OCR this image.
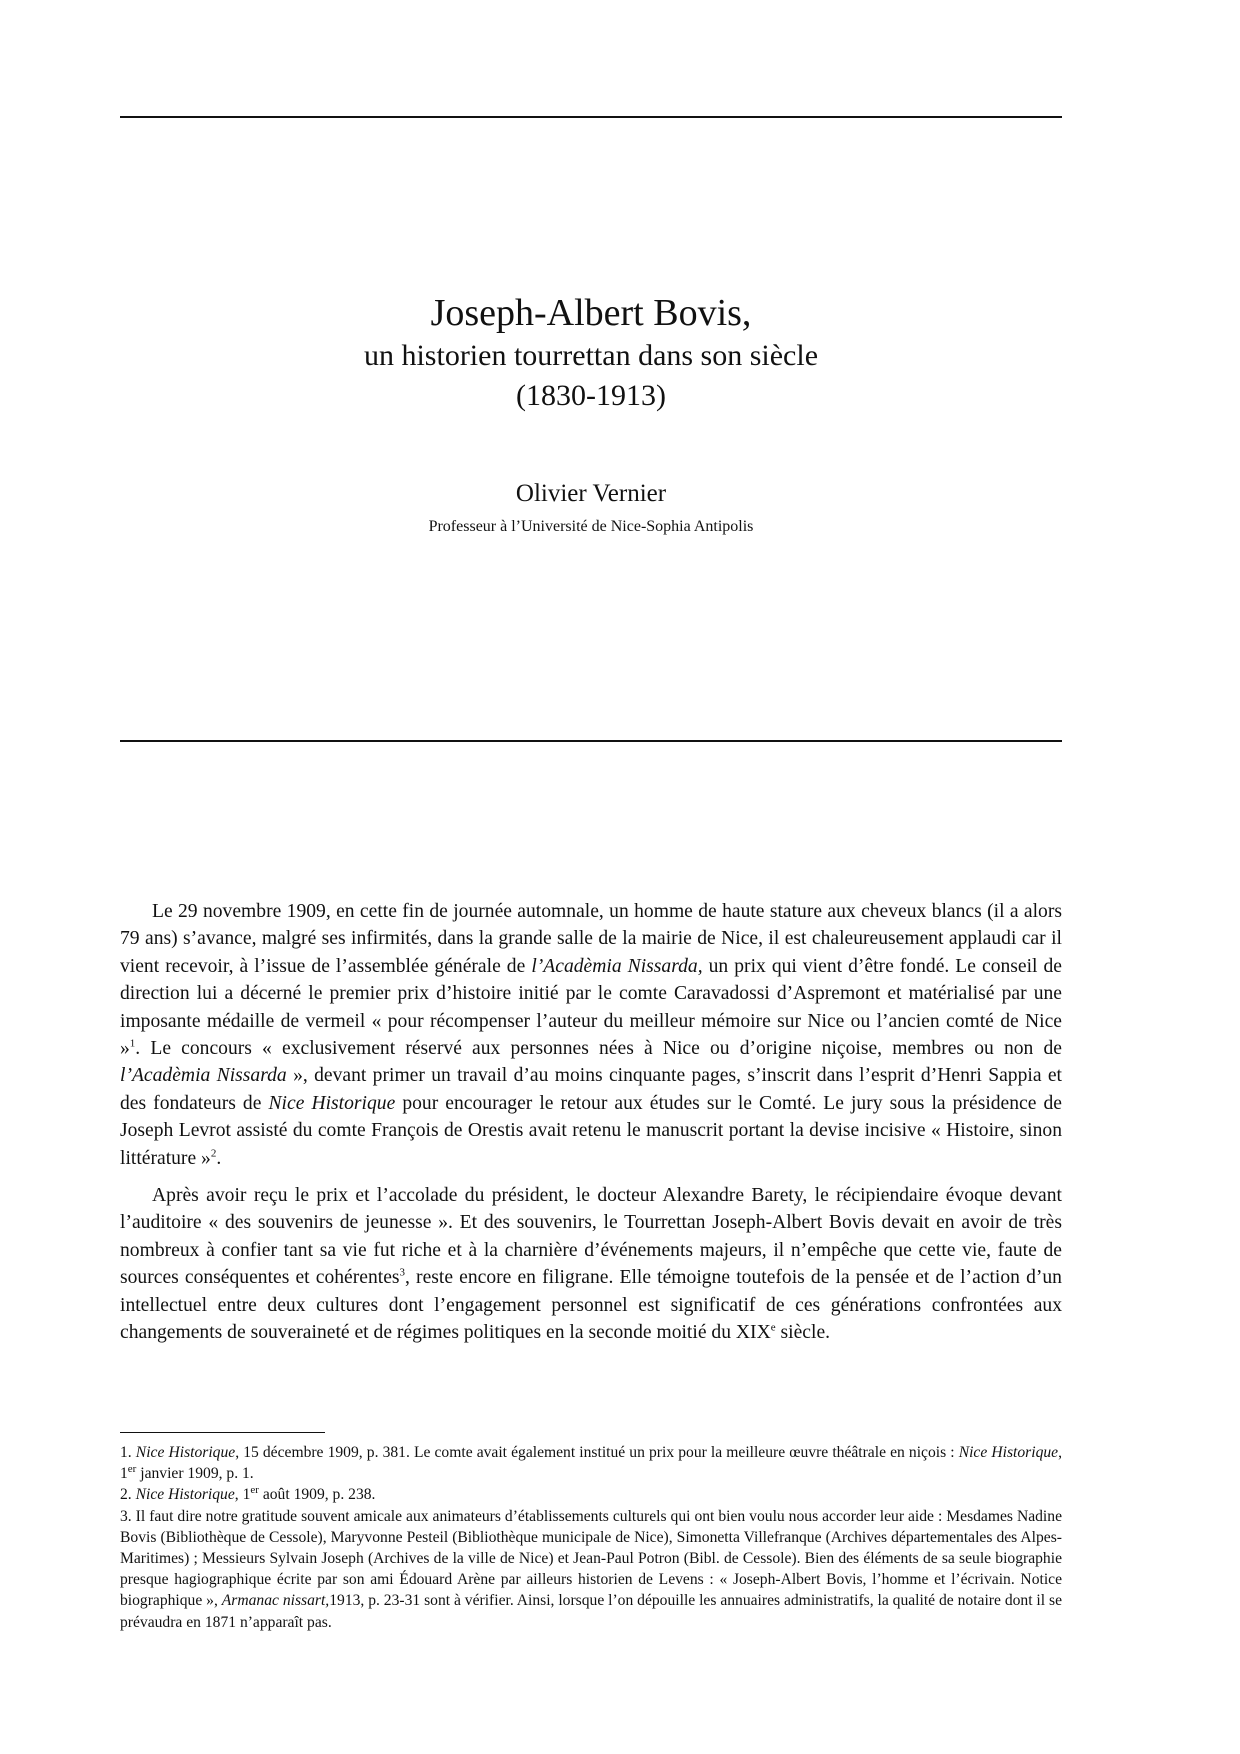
Joseph-Albert Bovis,

un historien tourrettan dans son siècle

(1830-1913)

Olivier Vernier
Professeur à l’Université de Nice-Sophia Antipolis

Le 29 novembre 1909, en cette fin de journée automnale, un homme de haute stature aux cheveux blancs (il a alors 79 ans) s’avance, malgré ses infirmités, dans la grande salle de la mairie de Nice, il est chaleureusement applaudi car il vient recevoir, à l’issue de l’assemblée générale de l’Acadèmia Nissarda, un prix qui vient d’être fondé. Le conseil de direction lui a décerné le premier prix d’histoire initié par le comte Caravadossi d’Aspremont et matérialisé par une imposante médaille de vermeil « pour récompenser l’auteur du meilleur mémoire sur Nice ou l’ancien comté de Nice »$^1$. Le concours « exclusivement réservé aux personnes nées à Nice ou d’origine niçoise, membres ou non de l’Acadèmia Nissarda », devant primer un travail d’au moins cinquante pages, s’inscrit dans l’esprit d’Henri Sappia et des fondateurs de Nice Historique pour encourager le retour aux études sur le Comté. Le jury sous la présidence de Joseph Levrot assisté du comte François de Orestis avait retenu le manuscrit portant la devise incisive « Histoire, sinon littérature »$^2$.

Après avoir reçu le prix et l’accolade du président, le docteur Alexandre Barety, le récipiendaire évoque devant l’auditoire « des souvenirs de jeunesse ». Et des souvenirs, le Tourrettan Joseph-Albert Bovis devait en avoir de très nombreux à confier tant sa vie fut riche et à la charnière d’événements majeurs, il n’empêche que cette vie, faute de sources conséquentes et cohérentes$^3$, reste encore en filigrane. Elle témoigne toutefois de la pensée et de l’action d’un intellectuel entre deux cultures dont l’engagement personnel est significatif de ces générations confrontées aux changements de souveraineté et de régimes politiques en la seconde moitié du XIXe siècle.

1. Nice Historique, 15 décembre 1909, p. 381. Le comte avait également institué un prix pour la meilleure œuvre théâtrale en niçois : Nice Historique, 1er janvier 1909, p. 1.

2. Nice Historique, 1er août 1909, p. 238.

3. Il faut dire notre gratitude souvent amicale aux animateurs d’établissements culturels qui ont bien voulu nous accorder leur aide : Mesdames Nadine Bovis (Bibliothèque de Cessole), Maryvonne Pesteil (Bibliothèque municipale de Nice), Simonetta Villefranque (Archives départementales des Alpes-Maritimes) ; Messieurs Sylvain Joseph (Archives de la ville de Nice) et Jean-Paul Potron (Bibl. de Cessole). Bien des éléments de sa seule biographie presque hagiographique écrite par son ami Édouard Arène par ailleurs historien de Levens : « Joseph-Albert Bovis, l’homme et l’écrivain. Notice biographique », Armanac nissart,1913, p. 23-31 sont à vérifier. Ainsi, lorsque l’on dépouille les annuaires administratifs, la qualité de notaire dont il se prévaudra en 1871 n’apparaît pas.
